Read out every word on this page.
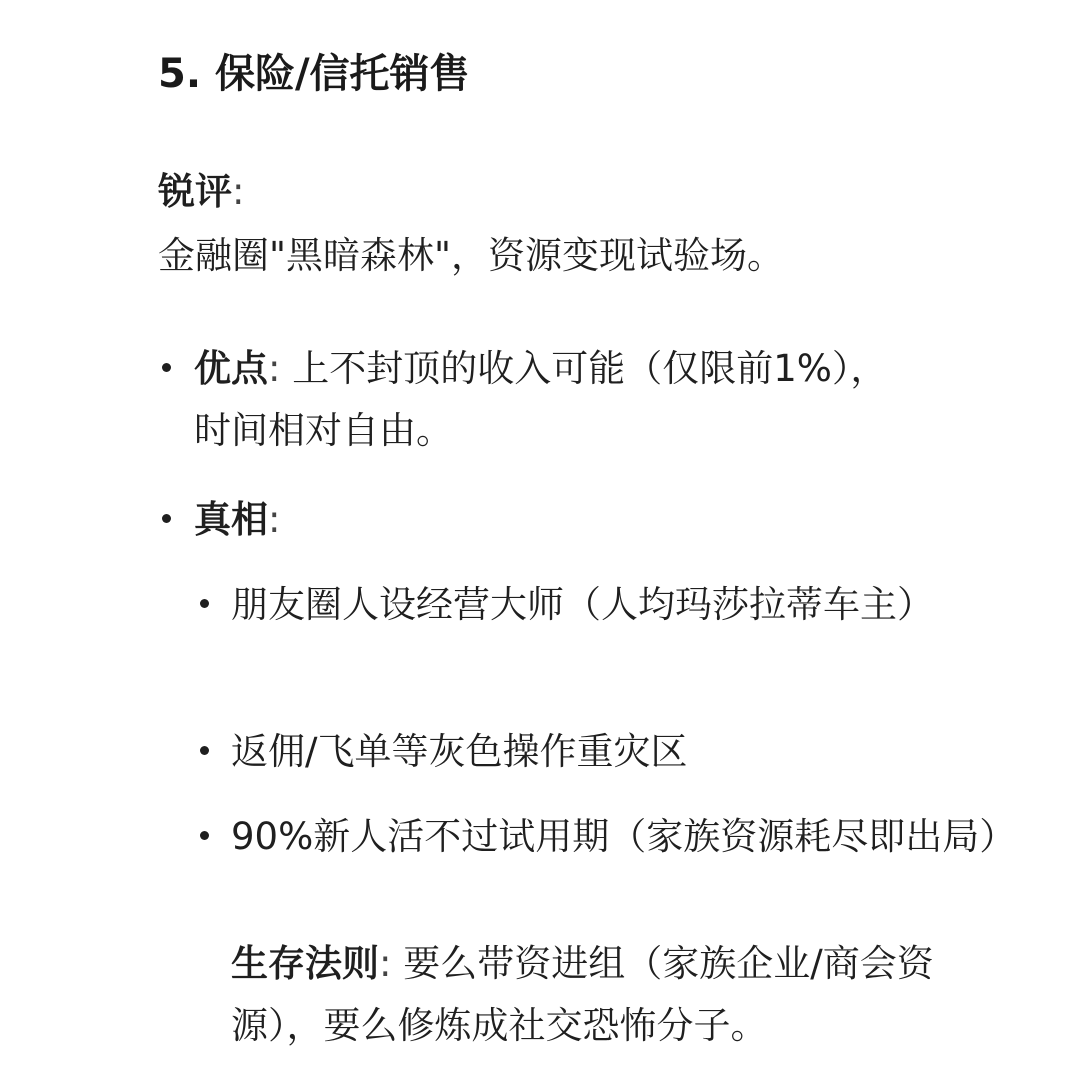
5. 保险/信托销售
锐评:
金融圈"黑暗森林"，资源变现试验场。
优点: 上不封顶的收入可能（仅限前1%），时间相对自由。
真相:
朋友圈人设经营大师（人均玛莎拉蒂车主）
返佣/飞单等灰色操作重灾区
90%新人活不过试用期（家族资源耗尽即出局）
生存法则: 要么带资进组（家族企业/商会资源），要么修炼成社交恐怖分子。
